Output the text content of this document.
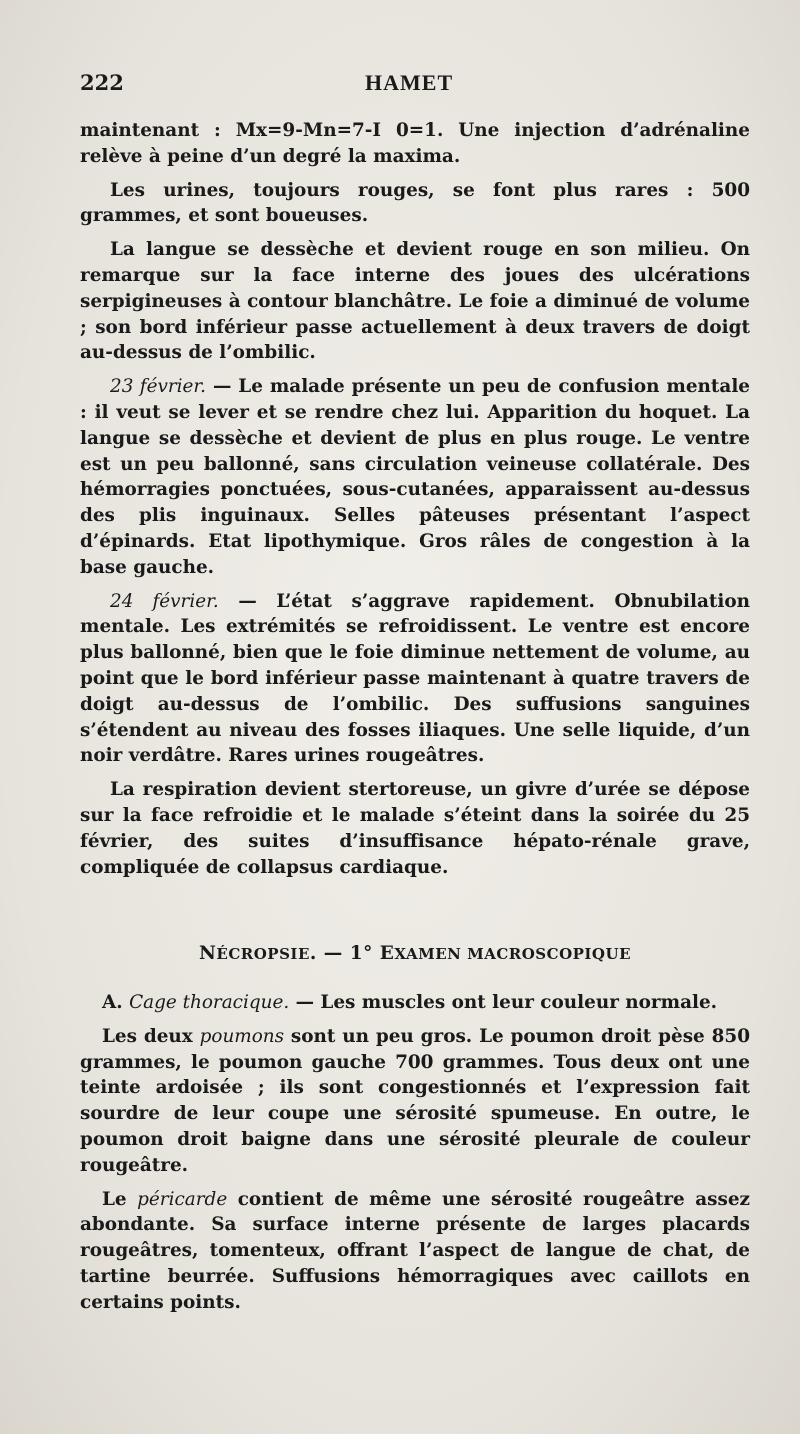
222	HAMET

maintenant : Mx=9-Mn=7-I 0=1. Une injection d’adrénaline relève à peine d’un degré la maxima.

Les urines, toujours rouges, se font plus rares : 500 grammes, et sont boueuses.

La langue se dessèche et devient rouge en son milieu. On remarque sur la face interne des joues des ulcérations serpigineuses à contour blanchâtre. Le foie a diminué de volume ; son bord inférieur passe actuellement à deux travers de doigt au-dessus de l’ombilic.

23 février. — Le malade présente un peu de confusion mentale : il veut se lever et se rendre chez lui. Apparition du hoquet. La langue se dessèche et devient de plus en plus rouge. Le ventre est un peu ballonné, sans circulation veineuse collatérale. Des hémorragies ponctuées, sous-cutanées, apparaissent au-dessus des plis inguinaux. Selles pâteuses présentant l’aspect d’épinards. Etat lipothymique. Gros râles de congestion à la base gauche.

24 février. — L’état s’aggrave rapidement. Obnubilation mentale. Les extrémités se refroidissent. Le ventre est encore plus ballonné, bien que le foie diminue nettement de volume, au point que le bord inférieur passe maintenant à quatre travers de doigt au-dessus de l’ombilic. Des suffusions sanguines s’étendent au niveau des fosses iliaques. Une selle liquide, d’un noir verdâtre. Rares urines rougeâtres.

La respiration devient stertoreuse, un givre d’urée se dépose sur la face refroidie et le malade s’éteint dans la soirée du 25 février, des suites d’insuffisance hépato-rénale grave, compliquée de collapsus cardiaque.

NÉCROPSIE. — 1° EXAMEN MACROSCOPIQUE

A. Cage thoracique. — Les muscles ont leur couleur normale.

Les deux poumons sont un peu gros. Le poumon droit pèse 850 grammes, le poumon gauche 700 grammes. Tous deux ont une teinte ardoisée ; ils sont congestionnés et l’expression fait sourdre de leur coupe une sérosité spumeuse. En outre, le poumon droit baigne dans une sérosité pleurale de couleur rougeâtre.

Le péricarde contient de même une sérosité rougeâtre assez abondante. Sa surface interne présente de larges placards rougeâtres, tomenteux, offrant l’aspect de langue de chat, de tartine beurrée. Suffusions hémorragiques avec caillots en certains points.
